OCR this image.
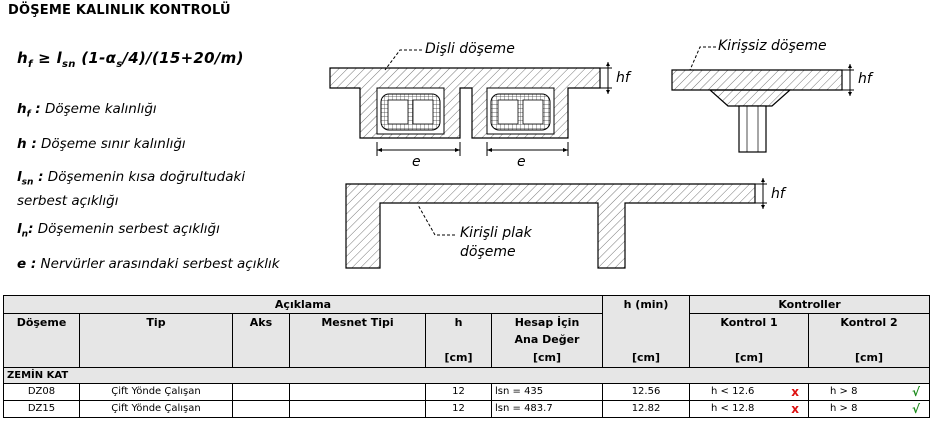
DÖŞEME KALINLIK KONTROLÜ
$h_f \ge l_{sn}$ $(1-\alpha_s/4)/(15+20/m)$
$h_f$ : Döşeme kalınlığı
h : Döşeme sınır kalınlığı
$l_{sn}$ : Döşemenin kısa doğrultudaki
serbest açıklığı
$l_n$: Döşemenin serbest açıklığı
e : Nervürler arasındaki serbest açıklık
Dişli döşeme
hf
e	e
Kirişsiz döşeme
hf
Kirişli plak
döşeme
hf
Açıklama						h (min)	Kontroller	
Döşeme	Tip	Aks	Mesnet Tipi	h	Hesap İçin		Kontrol 1	Kontrol 2
					Ana Değer			
				[cm]	[cm]	[cm]	[cm]	[cm]
ZEMİN KAT								
DZ08	Çift Yönde Çalışan			12	lsn = 435	12.56	h < 12.6 x	h > 8 √

DZ15	Çift Yönde Çalışan			12	lsn = 483.7	12.82	h < 12.8 x	h > 8 √
